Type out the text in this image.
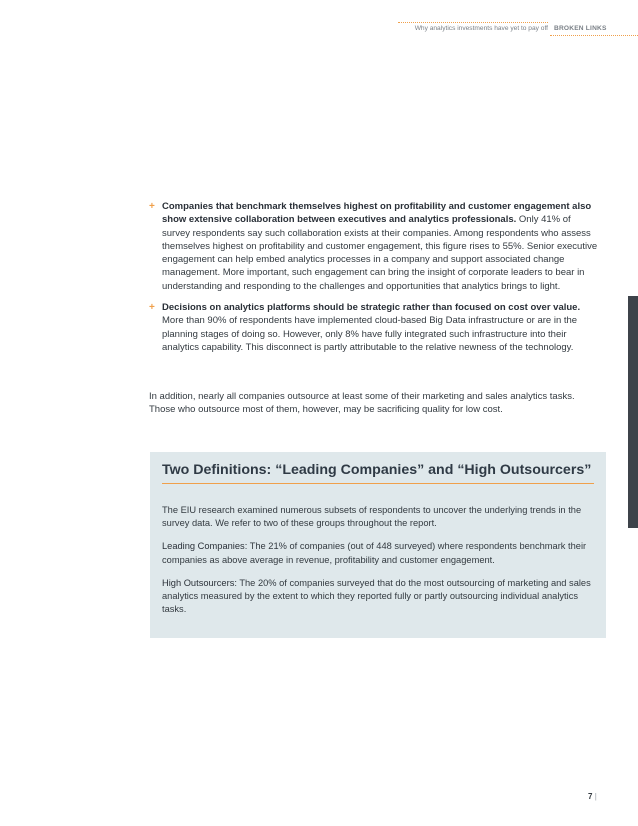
Why analytics investments have yet to pay off BROKEN LINKS
+ Companies that benchmark themselves highest on profitability and customer engagement also show extensive collaboration between executives and analytics professionals. Only 41% of survey respondents say such collaboration exists at their companies. Among respondents who assess themselves highest on profitability and customer engagement, this figure rises to 55%. Senior executive engagement can help embed analytics processes in a company and support associated change management. More important, such engagement can bring the insight of corporate leaders to bear in understanding and responding to the challenges and opportunities that analytics brings to light.
+ Decisions on analytics platforms should be strategic rather than focused on cost over value. More than 90% of respondents have implemented cloud-based Big Data infrastructure or are in the planning stages of doing so. However, only 8% have fully integrated such infrastructure into their analytics capability. This disconnect is partly attributable to the relative newness of the technology.
In addition, nearly all companies outsource at least some of their marketing and sales analytics tasks. Those who outsource most of them, however, may be sacrificing quality for low cost.
Two Definitions: “Leading Companies” and “High Outsourcers”

The EIU research examined numerous subsets of respondents to uncover the underlying trends in the survey data. We refer to two of these groups throughout the report.

Leading Companies: The 21% of companies (out of 448 surveyed) where respondents benchmark their companies as above average in revenue, profitability and customer engagement.

High Outsourcers: The 20% of companies surveyed that do the most outsourcing of marketing and sales analytics measured by the extent to which they reported fully or partly outsourcing individual analytics tasks.

7 |
